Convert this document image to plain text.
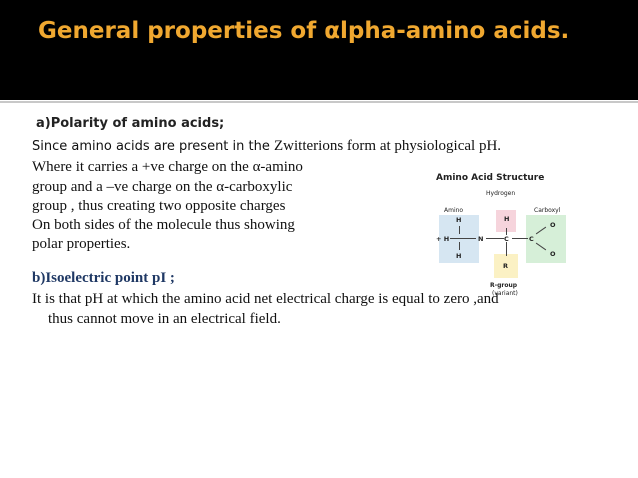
General properties of αlpha-amino acids.
a)Polarity of amino acids;
Since amino acids are present in the Zwitterions form at physiological pH.
Where it carries a +ve charge on the α-amino
group and a –ve charge on the α-carboxylic
group , thus creating two opposite charges
On both sides of the molecule thus showing
polar properties.
b)Isoelectric point pI ;
It is that pH at which the amino acid net electrical charge is equal to zero ,and
thus cannot move in an electrical field.
Amino Acid Structure
Hydrogen
Amino	Carboxyl
H
+ H
H
N
H
C	C
O
O
R
R-group
(variant)
